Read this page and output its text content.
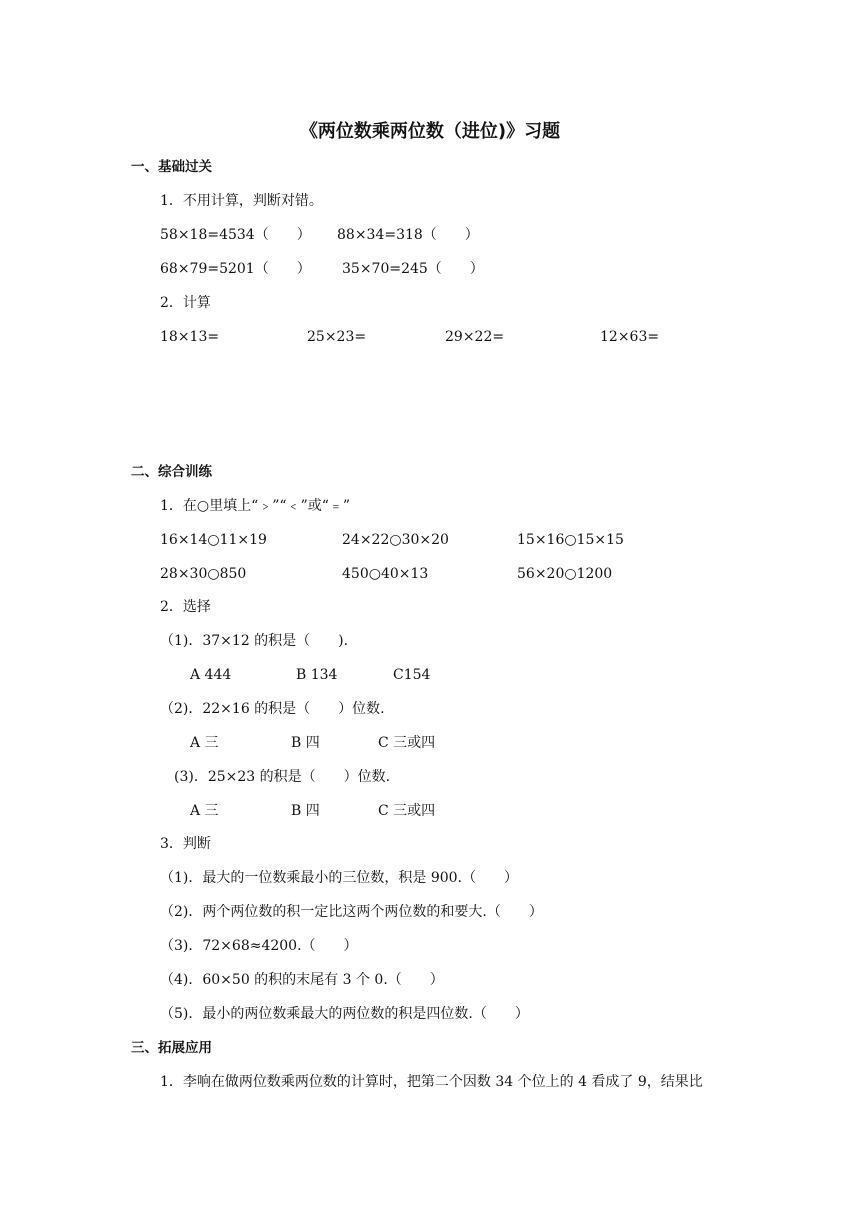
《两位数乘两位数（进位)》习题
一、基础过关
1．不用计算，判断对错。
58×18=4534（　　） 88×34=318（　　）
68×79=5201（　　） 35×70=245（　　）
2．计算
18×13=	25×23=	29×22=	12×63=
二、综合训练
1．在○里填上“﹥”“﹤”或“﹦”
16×14○11×19	24×22○30×20	15×16○15×15
28×30○850	450○40×13	56×20○1200
2．选择
（1)．37×12 的积是（　　).
A 444	B 134	C154
（2)．22×16 的积是（　　）位数.
A 三	B 四	C 三或四
(3)．25×23 的积是（　　）位数.
A 三	B 四	C 三或四
3．判断
（1)．最大的一位数乘最小的三位数，积是 900.（　　）
（2)．两个两位数的积一定比这两个两位数的和要大.（　　）
（3)．72×68≈4200.（　　）
（4)．60×50 的积的末尾有 3 个 0.（　　）
（5)．最小的两位数乘最大的两位数的积是四位数.（　　）
三、拓展应用
1．李响在做两位数乘两位数的计算时，把第二个因数 34 个位上的 4 看成了 9，结果比
